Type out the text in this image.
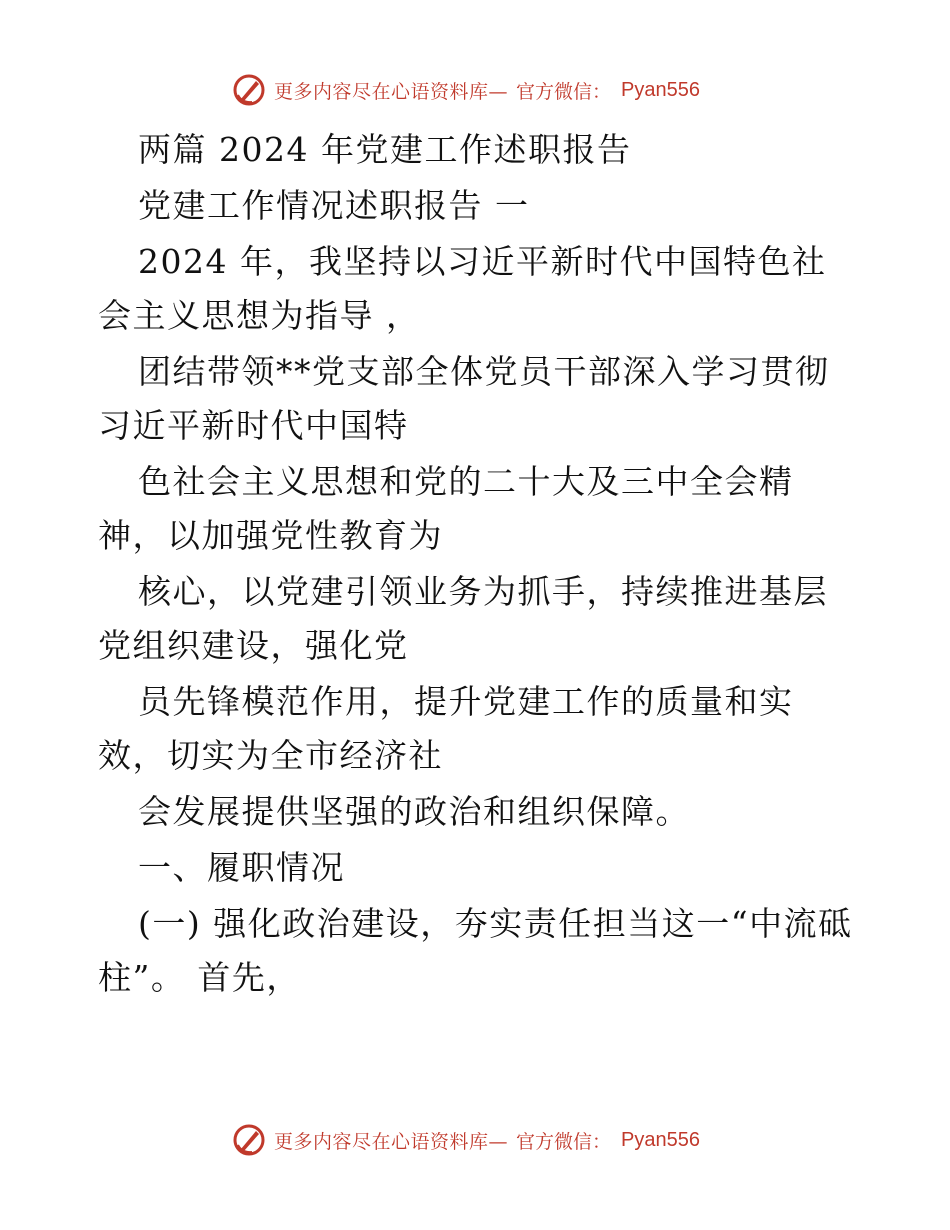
更多内容尽在心语资料库— 官方微信： Pyan556

两篇 2024 年党建工作述职报告

党建工作情况述职报告 一

2024 年，我坚持以习近平新时代中国特色社会主义思想为指导 ，

团结带领**党支部全体党员干部深入学习贯彻习近平新时代中国特

色社会主义思想和党的二十大及三中全会精神，以加强党性教育为

核心，以党建引领业务为抓手，持续推进基层党组织建设，强化党

员先锋模范作用，提升党建工作的质量和实效，切实为全市经济社

会发展提供坚强的政治和组织保障。

一、履职情况

(一) 强化政治建设，夯实责任担当这一“中流砥柱”。 首先，

更多内容尽在心语资料库— 官方微信： Pyan556
